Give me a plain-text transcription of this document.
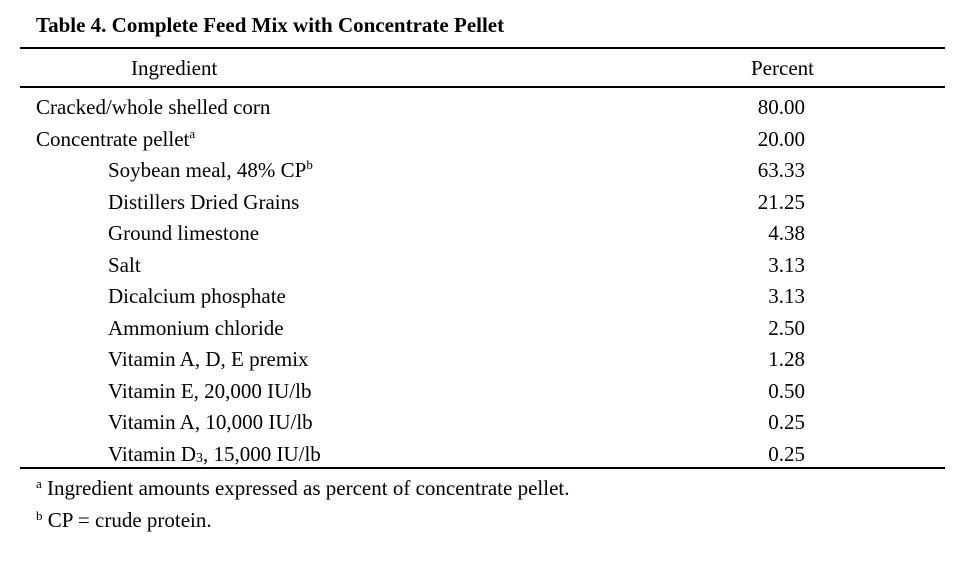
Table 4. Complete Feed Mix with Concentrate Pellet
Ingredient	Percent
Cracked/whole shelled corn	80.00
Concentrate pellet$^a$	20.00
Soybean meal, 48% $CP^b$	63.33
Distillers Dried Grains	21.25
Ground limestone	4.38
Salt	3.13
Dicalcium phosphate	3.13
Ammonium chloride	2.50
Vitamin A, D, E premix	1.28
Vitamin E, 20,000 IU/lb	0.50
Vitamin A, 10,000 IU/lb	0.25
Vitamin $D_3$, 15,000 IU/lb	0.25
$^a$ Ingredient amounts expressed as percent of concentrate pellet.
$^b$ CP = crude protein.
